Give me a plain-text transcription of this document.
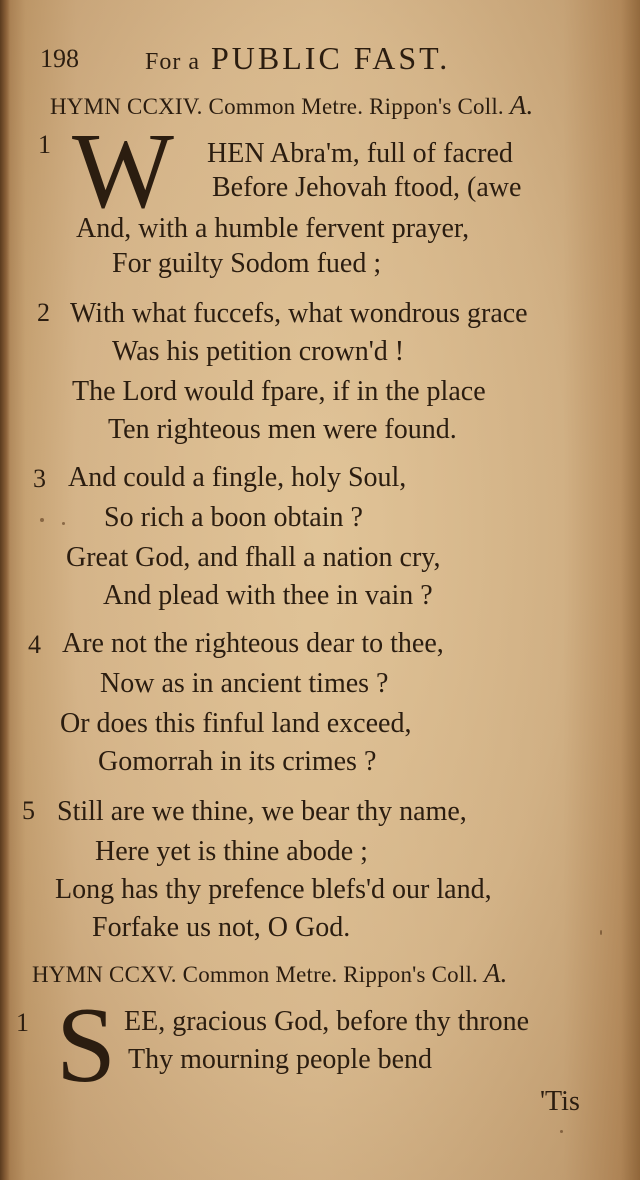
198	For a PUBLIC FAST.
HYMN CCXIV. Common Metre. Rippon's Coll. A.
1 W HEN Abra'm, full of facred
Before Jehovah ftood, (awe
And, with a humble fervent prayer,
For guilty Sodom fued ;
2 With what fuccefs, what wondrous grace
Was his petition crown'd !
The Lord would fpare, if in the place
Ten righteous men were found.
3 And could a fingle, holy Soul,
So rich a boon obtain ?
Great God, and fhall a nation cry,
And plead with thee in vain ?
4 Are not the righteous dear to thee,
Now as in ancient times ?
Or does this finful land exceed,
Gomorrah in its crimes ?
5 Still are we thine, we bear thy name,
Here yet is thine abode ;
Long has thy prefence blefs'd our land,
Forfake us not, O God.
HYMN CCXV. Common Metre. Rippon's Coll. A.
1 S EE, gracious God, before thy throne
Thy mourning people bend
'Tis
